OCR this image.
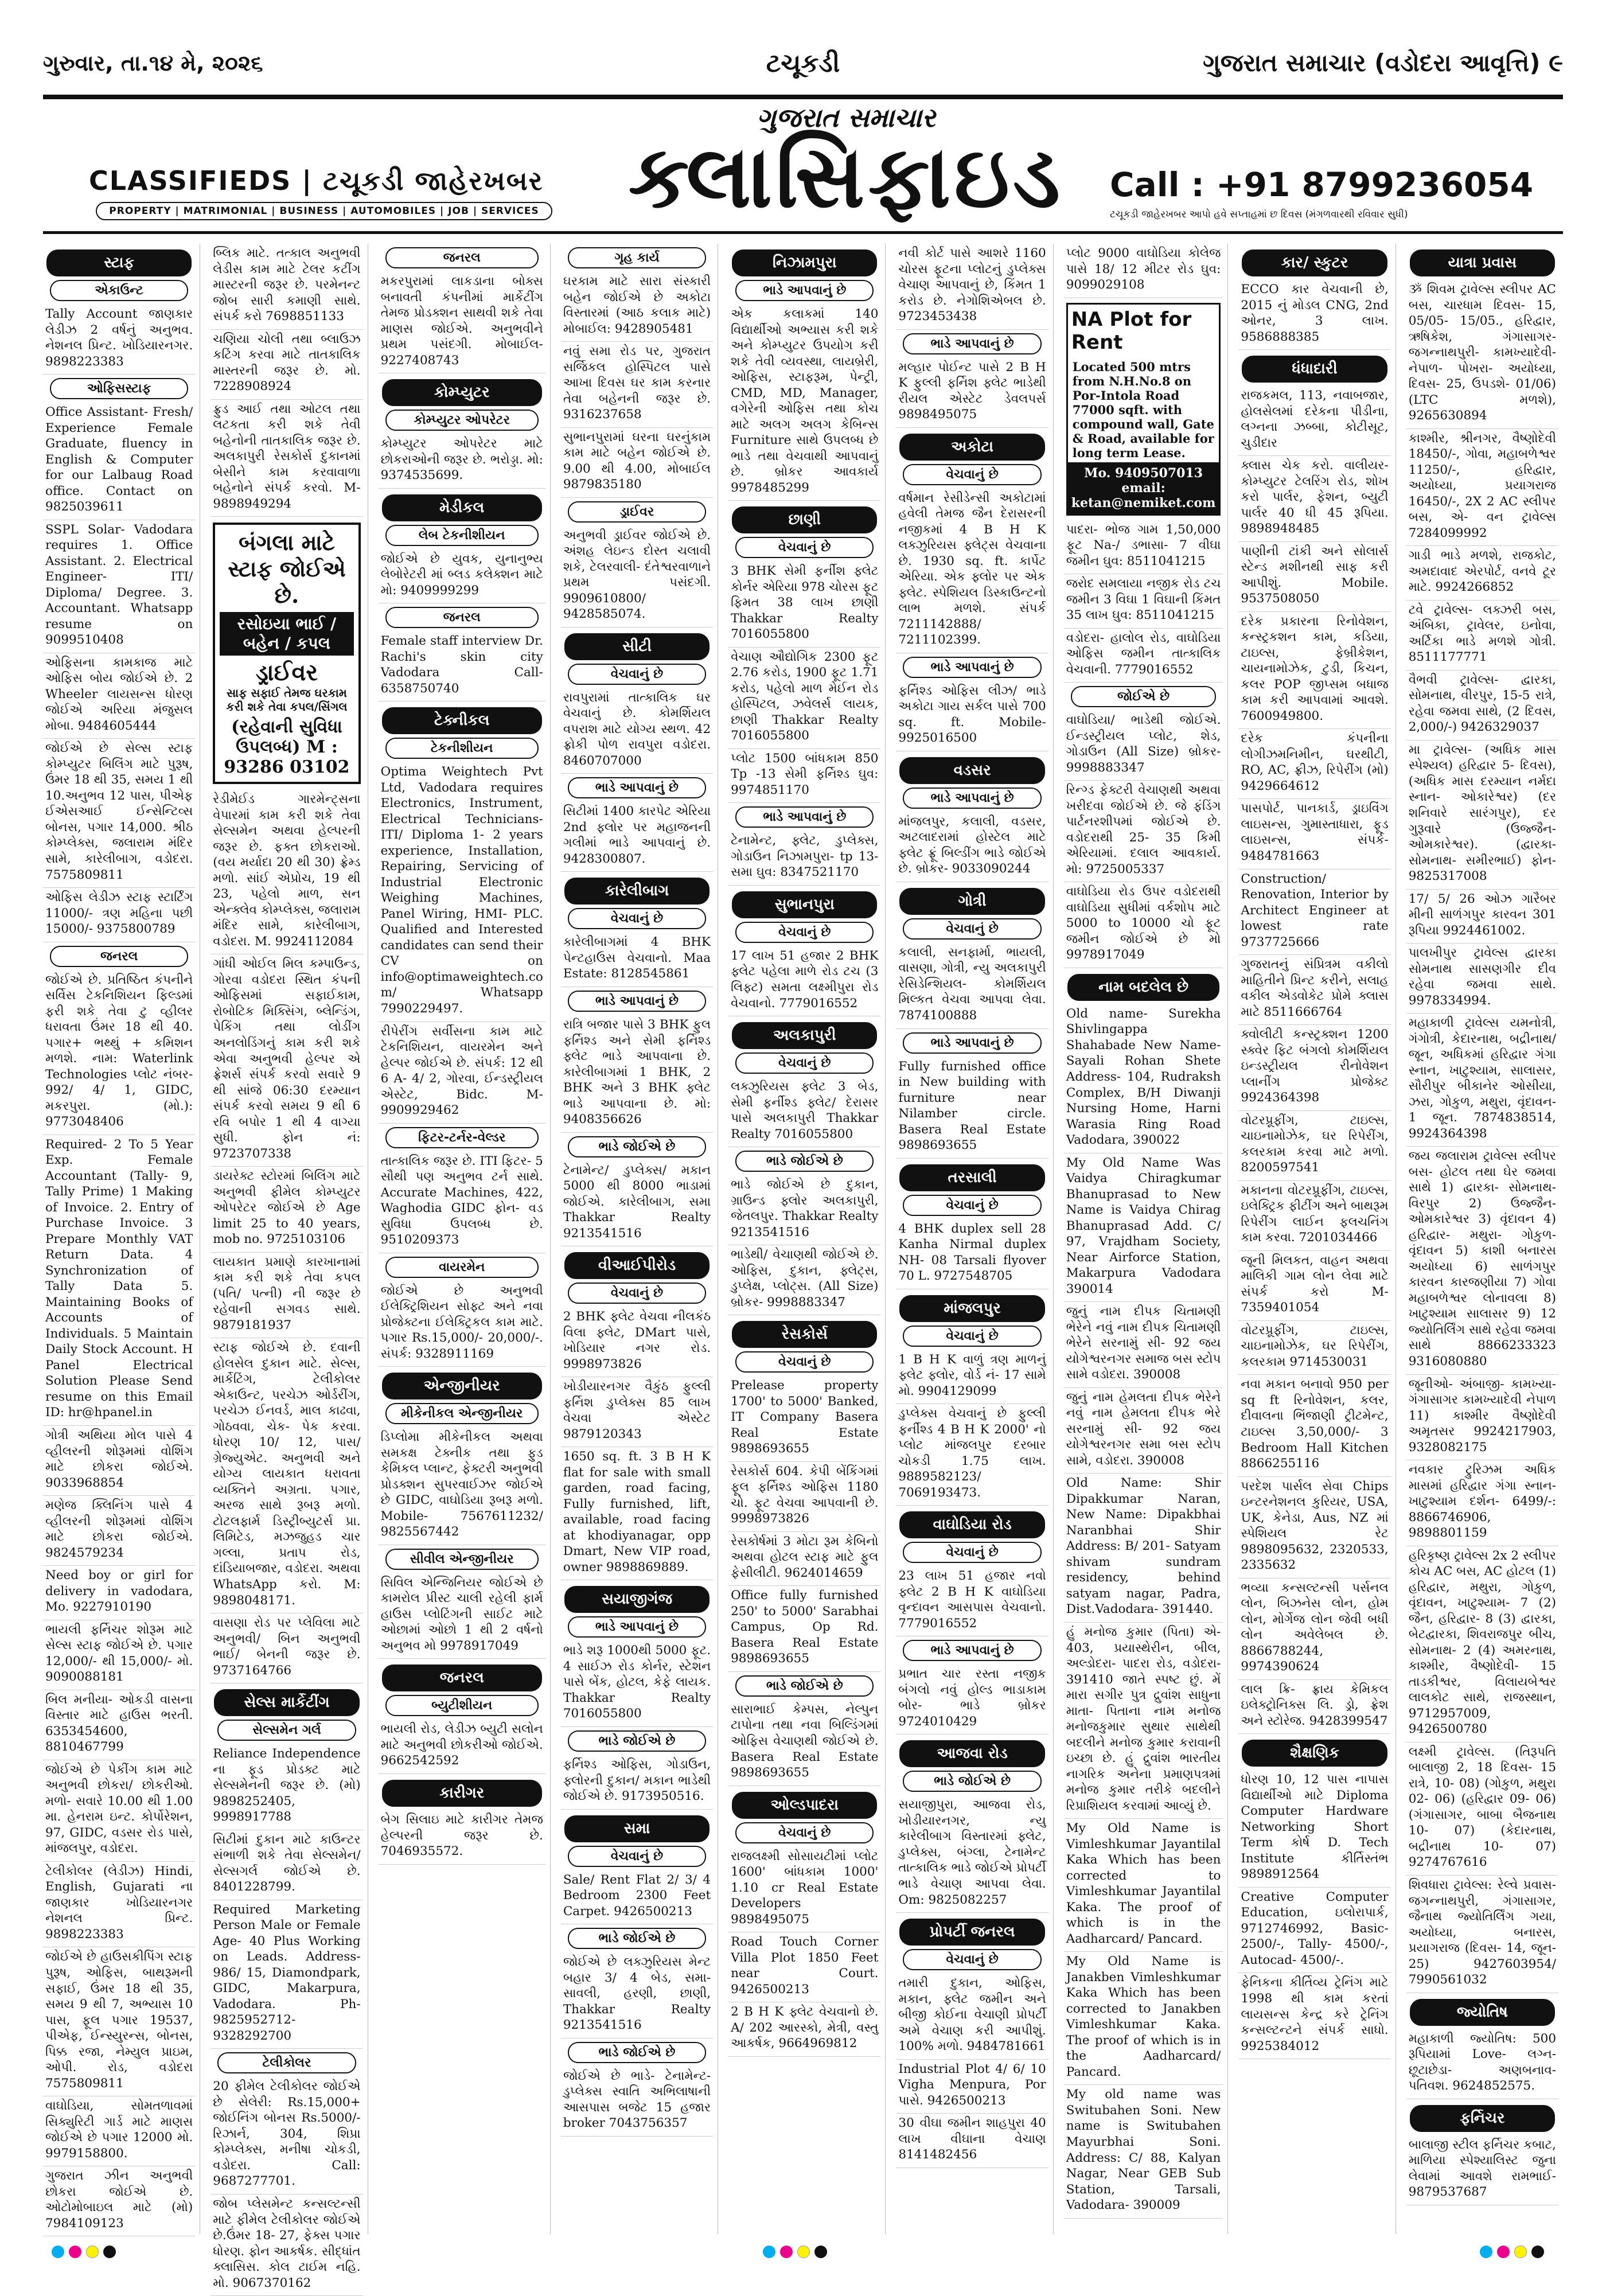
ગુરુવાર, તા.૧૪ મે, ૨૦૨૬	ટચૂકડી	ગુજરાત સમાચાર (વડોદરા આવૃત્તિ) ૯
CLASSIFIEDS | ટચૂકડી જાહેરખબર
PROPERTY | MATRIMONIAL | BUSINESS | AUTOMOBILES | JOB | SERVICES
ગુજરાત સમાચાર
ક્લાસિફાઇડ	Call : +91 8799236054
ટચૂકડી જાહેરખબર આપો હવે સપ્તાહમાં છ દિવસ (મંગળવારથી રવિવાર સુધી)
સ્ટાફ
એકાઉન્ટ
Tally Account જાણકાર લેડીઝ 2 વર્ષનું અનુભવ. નેશનલ પ્રિન્ટ. ખોડિયારનગર. 9898223383
ઓફિસસ્ટાફ
Office Assistant- Fresh/ Experience Female Graduate, fluency in English & Computer for our Lalbaug Road office. Contact on 9825039611
SSPL Solar- Vadodara requires 1. Office Assistant. 2. Electrical Engineer- ITI/ Diploma/ Degree. 3. Accountant. Whatsapp resume on 9099510408
ઓફિસના કામકાજ માટે ઓફિસ બોય જોઈએ છે. 2 Wheeler લાયસન્સ ધોરણ જોઈએ અરિયા મંજુસલ મોબા. 9484605444
જોઈએ છે સેલ્સ સ્ટાફ કોમ્પ્યુટર બિલિંગ માટે પુરૂષ, ઉંમર 18 થી 35, સમય 1 થી 10.અનુભવ 12 પાસ, પીએફ ઈએસઆઈ ઈન્સેન્ટિવ્સ બોનસ, પગાર 14,000. શ્રીઠ કોમ્પ્લેક્સ, જલારામ મંદિર સામે, કારેલીબાગ, વડોદરા. 7575809811
ઓફિસ લેડીઝ સ્ટાફ સ્ટાર્ટિંગ 11000/- ત્રણ મહિના પછી 15000/- 9375800789
જનરલ
જોઈએ છે. પ્રતિષ્ઠિત કંપનીને સર્વિસ ટેકનિશિયન ફિલ્ડમાં ફરી શકે તેવા ટુ વ્હીલર ધરાવતા ઉંમર 18 થી 40. પગાર+ ભથ્થું + કમિશન મળશે. નામ: Waterlink Technologies પ્લોટ નંબર- 992/ 4/ 1, GIDC, મકરપુરા. (મો.): 9773048406
Required- 2 To 5 Year Exp. Female Accountant (Tally- 9, Tally Prime) 1 Making of Invoice. 2. Entry of Purchase Invoice. 3 Prepare Monthly VAT Return Data. 4 Synchronization of Tally Data 5. Maintaining Books of Accounts of Individuals. 5 Maintain Daily Stock Account. H Panel Electrical Solution Please Send resume on this Email ID: hr@hpanel.in
ગોત્રી અથિયા મોલ પાસે 4 વ્હીલરની શોરૂમમાં વોશિંગ માટે છોકરા જોઈએ. 9033968854
મણેજ ક્લિનિંગ પાસે 4 વ્હીલરની શોરૂમમાં વોશિંગ માટે છોકરા જોઈએ. 9824579234
Need boy or girl for delivery in vadodara, Mo. 9227910190
ભાયલી ફર્નિચર શોરૂમ માટે સેલ્સ સ્ટાફ જોઈએ છે. પગાર 12,000/- થી 15,000/- મો. 9090088181
બિલ મનીયા- ઓકડી વાસના વિસ્તાર માટે હાઉસ ભરતી. 6353454600, 8810467799
જોઈએ છે પેકીંગ કામ માટે અનુભવી છોકરા/ છોકરીઓ. મળો- સવારે 10.00 થી 1.00 મા. હેનરામ ઇન્ટ. કોર્પોરેશન, 97, GIDC, વડસર રોડ પાસે, માંજલપુર, વડોદરા.
ટેલીકોલર (લેડીઝ) Hindi, English, Gujarati ના જાણકાર ખોડિયારનગર નેશનલ પ્રિન્ટ. 9898223383
જોઈએ છે હાઉસકીપિંગ સ્ટાફ પુરૂષ, ઓફિસ, બાથરૂમની સફાઈ, ઉંમર 18 થી 35, સમય 9 થી 7, અભ્યાસ 10 પાસ, ફૂલ પગાર 19537, પીએફ, ઈન્સ્યુરન્સ, બોનસ, પિક્ક રજા, નેમ્યુલ પ્રાઇમ, ઓપી. રોડ, વડોદરા 7575809811
વાઘોડિયા, સોમતળાવમાં સિક્યુરિટી ગાર્ડ માટે માણસ જોઈએ છે પગાર 12000 મો. 9979158800.
ગુજરાત ઝીન અનુભવી છોકરા જોઈએ છે. ઓટોમોબાઇલ માટે (મો) 7984109123
બ્લિક માટે. તત્કાલ અનુભવી લેડીસ કામ માટે ટેલર કટીંગ માસ્ટરની જરૂર છે. પરમેનન્ટ જોબ સારી કમાણી સાથે. સંપર્ક કરો 7698851133
ચણિયા ચોલી તથા બ્લાઉઝ કટિંગ કરવા માટે તાતકાલિક માસ્તરની જરૂર છે. મો. 7228908924
ફ્રુડ આઈ તથા ઓટલ તથા લટકતા કરી શકે તેવી બહેનોની તાતકાલિક જરૂર છે. અલકાપુરી રેસકોર્સ દુકાનમાં બેસીને કામ કરવાવાળા બહેનોને સંપર્ક કરવો. M- 9898949294
બંગલા માટે સ્ટાફ જોઈએ છે.
રસોઇયા ભાઈ / બહેન / કપલ
ડ્રાઈવર
સાફ સફાઈ તેમજ ઘરકામ કરી શકે તેવા કપલ/સિંગલ
(રહેવાની સુવિધા ઉપલબ્ધ) M : 93286 03102
રેડીમેઈડ ગારમેન્ટ્સના વેપારમાં કામ કરી શકે તેવા સેલ્સમેન અથવા હેલ્પરની જરૂર છે. ફક્ત છોકરાઓ. (વય મર્યાદા 20 થી 30) ફ્રેમ્ડ મળો. સાંઈ એપ્રોચ, 19 થી 23, પહેલો માળ, સન એન્ક્લેવ કોમ્પ્લેક્સ, જલારામ મંદિર સામે, કારેલીબાગ, વડોદરા. M. 9924112084
ગાંધી ઓઈલ મિલ કમ્પાઉન્ડ, ગોરવા વડોદરા સ્થિત કંપની ઓફિસમાં સફાઈકામ, રોબોટિક મિક્સિંગ, બ્લેન્ડિંગ, પેકિંગ તથા લોડીંગ અનલોડિંગનું કામ કરી શકે એવા અનુભવી હેલ્પર એ ફ્રેશર્સ સંપર્ક કરવો સવારે 9 થી સાંજે 06:30 દરમ્યાન સંપર્ક કરવો સમય 9 થી 6 રવિ બપોર 1 થી 4 વાગ્યા સુધી. ફોન નં: 9723707338
ડાયરેક્ટ સ્ટોરમાં બિલિંગ માટે અનુભવી ફીમેલ કોમ્પ્યુટર ઓપરેટર જોઈએ છે Age limit 25 to 40 years, mob no. 9725103106
લાયકાત પ્રમાણે કારખાનામાં કામ કરી શકે તેવા કપલ (પતિ/ પત્ની) ની જરૂર છે રહેવાની સગવડ સાથે. 9879181937
સ્ટાફ જોઈએ છે. દવાની હોલસેલ દુકાન માટે. સેલ્સ, માર્કેટિંગ, ટેલીકોલર એકાઉન્ટ, પરચેઝ ઓર્ડરીંગ, પરચેઝ ઈનવર્ડ, માલ કાઢવા, ગોઠવવા, ચેક- પેક કરવા. ધોરણ 10/ 12, પાસ/ ગ્રેજ્યુએટ. અનુભવી અને યોગ્ય લાયકાત ધરાવતા વ્યક્તિને અગ્રતા. પગાર, અરજ સાથે રૂબરૂ મળો. ટોટલફાર્મ ડિસ્ટ્રીબ્યુટર્સ પ્રા. લિમિટેડ, મઝજુહડ ચાર ગલ્લા, પ્રતાપ રોડ, દાંડિયાબજાર, વડોદરા. અથવા WhatsApp કરો. M: 9898048171.
વાસણા રોડ પર પ્લેવિલા માટે અનુભવી/ બિન અનુભવી ભાઈ/ બેનની જરૂર છે. 9737164766
સેલ્સ માર્કેટીંગ
સેલ્સમેન ગર્લ
Reliance Independence ના ફૂડ પ્રોડક્ટ માટે સેલ્સમેનની જરૂર છે. (મો) 9898252405, 9998917788
સિટીમાં દુકાન માટે કાઉન્ટર સંભાળી શકે તેવા સેલ્સમેન/ સેલ્સગર્લ જોઈએ છે. 8401228799.
Required Marketing Person Male or Female Age- 40 Plus Working on Leads. Address- 986/ 15, Diamondpark, GIDC, Makarpura, Vadodara. Ph- 9825952712- 9328292700
ટેલીકોલર
20 ફીમેલ ટેલીકોલર જોઈએ છે સેલેરી: Rs.15,000+ જોઈનિંગ બોનસ Rs.5000/- રિઝાર્ન, 304, શિપ્રા કોમ્પ્લેક્સ, મનીષા ચોકડી, વડોદરા. Call: 9687277701.
જોબ પ્લેસમેન્ટ કન્સલ્ટન્સી માટે ફીમેલ ટેલીકોલર જોઈએ છે.ઉંમર 18- 27, ફેક્સ પગાર ધોરણ. ફોન આકર્ષક. સીદ્ધાંત ક્લાસિસ. કોલ ટાઈમ નહિ. મો. 9067370162
જનરલ
મકરપુરામાં લાકડાના બોક્સ બનાવતી કંપનીમાં માર્કેટીંગ તેમજ પ્રોડક્શન સાથવી શકે તેવા માણસ જોઈએ. અનુભવીને પ્રથમ પસંદગી. મોબાઈલ- 9227408743
કોમ્પ્યુટર
કોમ્પ્યુટર ઓપરેટર
કોમ્પ્યુટર ઓપરેટર માટે છોકરાઓની જરૂર છે. ભરોડ્ડા. મો: 9374535699.
મેડીકલ
લેબ ટેકનીશીયન
જોઈએ છે યુવક, યુનાનુભ્ય લેબોરેટરી માં બ્લડ કલેક્શન માટે મો: 9409999299
જનરલ
Female staff interview Dr. Rachi's skin city Vadodara Call- 6358750740
ટેક્નીકલ
ટેકનીશીયન
Optima Weightech Pvt Ltd, Vadodara requires Electronics, Instrument, Electrical Technicians- ITI/ Diploma 1- 2 years experience, Installation, Repairing, Servicing of Industrial Electronic Weighing Machines, Panel Wiring, HMI- PLC. Qualified and Interested candidates can send their CV on info@optimaweightech.co m/ Whatsapp 7990229497.
રીપેરીંગ સર્વીસના કામ માટે ટેકનિશિયન, વાયરમેન અને હેલ્પર જોઈએ છે. સંપર્ક: 12 થી 6 A- 4/ 2, ગોરવા, ઈન્ડસ્ટ્રીયલ એસ્ટેટ, Bidc. M- 9909929462
ફિટર-ટર્નર-વેલ્ડર
તાત્કાલિક જરૂર છે. ITI ફિટર- 5 સૌથી પણ અનુભવ ટર્ન સાથે. Accurate Machines, 422, Waghodia GIDC ફોન- વડ સુવિધા ઉપલબ્ધ છે. 9510209373
વાયરમેન
જોઈએ છે અનુભવી ઈલેક્ટ્રિશિયન સોફ્ટ અને નવા પ્રોજેક્ટના ઈલેક્ટ્રિકલ કામ માટે. પગાર Rs.15,000/- 20,000/-. સંપર્ક: 9328911169
એન્જીનીયર
મીકેનીકલ એન્જીનીયર
ડિપ્લોમા મીકેનીકલ અથવા સમકક્ષ ટેક્નીક તથા ફુડ કેમિકલ પ્લાન્ટ, ફેક્ટરી અનુભવી પ્રોડક્શન સુપરવાઈઝર જોઈએ છે GIDC, વાઘોડિયા રૂબરૂ મળો. Mobile- 7567611232/ 9825567442
સીવીલ એન્જીનીયર
સિવિલ એન્જિનિયર જોઈએ છે કામરોલ પ્રીસ્ટ ચાલી રહેલી ફાર્મ હાઉસ પ્લોટિંગની સાઈટ માટે ઓછામાં ઓછો 1 થી 2 વર્ષનો અનુભવ મો 9978917049
જનરલ
બ્યુટીશીયન
ભાયલી રોડ, લેડીઝ બ્યુટી સલોન માટે અનુભવી છોકરીઓ જોઈએ. 9662542592
કારીગર
બેગ સિલાઇ માટે કારીગર તેમજ હેલ્પરની જરૂર છે. 7046935572.
ગૃહ કાર્ય
ઘરકામ માટે સારા સંસ્કારી બહેન જોઈએ છે અકોટા વિસ્તારમાં (આઠ કલાક માટે) મોબાઈલ: 9428905481
નવું સમા રોડ પર, ગુજરાત સર્જિકલ હોસ્પિટલ પાસે આખા દિવસ ઘર કામ કરનાર તેવા બહેનની જરૂર છે. 9316237658
સુભાનપુરામાં ઘરના ઘરનુંકામ કામ માટે બહેન જોઈએ છે. 9.00 થી 4.00, મોબાઈલ 9879835180
ડ્રાઈવર
અનુભવી ડ્રાઈવર જોઈએ છે. અંશહ લેઇન્ડ દોસ્ત ચલાવી શકે, ટેલરવાલી- દંતેશ્વરવાળાને પ્રથમ પસંદગી. 9909610800/ 9428585074.
સીટી
વેચવાનું છે
રાવપુરામાં તાત્કાલિક ઘર વેચવાનું છે. કોમર્શિયલ વપરાશ માટે યોગ્ય સ્થળ. 42 ફ્રોકી પોળ રાવપુરા વડોદરા. 8460707000
ભાડે આપવાનું છે
સિટીમાં 1400 કારપેટ એરિયા 2nd ફ્લોર પર મહાજનની ગલીમાં ભાડે આપવાનું છે. 9428300807.
કારેલીબાગ
વેચવાનું છે
કારેલીબાગમાં 4 BHK પેન્ટહાઉસ વેચવાનો. Maa Estate: 8128545861
ભાડે આપવાનું છે
રાત્રિ બજાર પાસે 3 BHK ફુલ ફર્નિશ્ડ અને સેમી ફર્નિશ્ડ ફ્લેટ ભાડે આપવાના છે. કારેલીબાગમાં 1 BHK, 2 BHK અને 3 BHK ફ્લેટ ભાડે આપવાના છે. મો: 9408356626
ભાડે જોઈએ છે
ટેનામેન્ટ/ ડુપ્લેક્સ/ મકાન 5000 થી 8000 ભાડામાં જોઈએ. કારેલીબાગ, સમા Thakkar Realty 9213541516
વીઆઈપીરોડ
વેચવાનું છે
2 BHK ફ્લેટ વેચવા નીલકંઠ વિલા ફ્લેટ, DMart પાસે, ખોડિયાર નગર રોડ. 9998973826
ખોડીયારનગર વૈકુંઠ ફુલ્લી ફર્નિશ ડુપ્લેક્સ 85 લાખ વેચવા એસ્ટેટ 9879120343
1650 sq. ft. 3 B H K flat for sale with small garden, road facing, Fully furnished, lift, available, road facing at khodiyanagar, opp Dmart, New VIP road, owner 9898869889.
સયાજીગંજ
ભાડે આપવાનું છે
ભાડે શરૂ 1000થી 5000 ફૂટ. 4 સાઈઝ રોડ કોર્નર, સ્ટેશન પાસે બેંક, હોટલ, કેફે લાયક. Thakkar Realty 7016055800
ભાડે જોઈએ છે
ફર્નિશ્ડ ઓફિસ, ગોડાઉન, ફ્લોરની દુકાન/ મકાન ભાડેથી જોઈએ છે. 9173950516.
સમા
વેચવાનું છે
Sale/ Rent Flat 2/ 3/ 4 Bedroom 2300 Feet Carpet. 9426500213
ભાડે જોઈએ છે
જોઈએ છે લક્ઝુરિયસ મેન્ટ બહાર 3/ 4 બેડ, સમા- સાવલી, હરણી, છાણી, Thakkar Realty 9213541516
ભાડે જોઈએ છે
જોઈએ છે ભાડે- ટેનામેન્ટ- ડુપ્લેક્સ સ્વાતિ અભિલાષાની આસપાસ બજેટ 15 હજાર broker 7043756357
નિઝામપુરા
ભાડે આપવાનું છે
એક કલાકમાં 140 વિદ્યાર્થીઓ અભ્યાસ કરી શકે અને કોમ્પ્યુટર ઉપયોગ કરી શકે તેવી વ્યવસ્થા, લાયબ્રેરી, ઓફિસ, સ્ટાફરૂમ, પેન્ટ્રી, CMD, MD, Manager, વગેરેની ઓફિસ તથા કોચ માટે અલગ અલગ કેબિન્સ Furniture સાથે ઉપલબ્ધ છે ભાડે તથા વેચવાથી આપવાનું છે. બ્રોકર આવકાર્ય 9978485299
છાણી
વેચવાનું છે
3 BHK સેમી ફર્નીશ ફ્લેટ કોર્નર એરિયા 978 ચોરસ ફૂટ ફિમત 38 લાખ છાણી Thakkar Realty 7016055800
વેચાણ ઔદ્યોગિક 2300 ફૂટ 2.76 કરોડ, 1900 ફૂટ 1.71 કરોડ, પહેલો માળ મેઈન રોડ હોસ્પિટલ, ઝવેલર્સ લાયક, છાણી Thakkar Realty 7016055800
પ્લોટ 1500 બાંધકામ 850 Tp -13 સેમી ફર્નિશ્ડ ઘુવ: 9974851170
ભાડે આપવાનું છે
ટેનામેન્ટ, ફ્લેટ, ડુપ્લેક્સ, ગોડાઉન નિઝામપુરા- tp 13- સમા ઘુવ: 8347521170
સુભાનપુરા
વેચવાનું છે
17 લાખ 51 હજાર 2 BHK ફ્લેટ પહેલા માળે રોડ ટચ (3 લિફ્ટ) સમતા લક્ષ્મીપુરા રોડ વેચવાનો. 7779016552
અલકાપુરી
વેચવાનું છે
લક્ઝુરિયસ ફ્લેટ 3 બેડ, સેમી ફર્નીશ્ડ ફ્લેટ/ દેરાસર પાસે અલકાપુરી Thakkar Realty 7016055800
ભાડે જોઈએ છે
ભાડે જોઈએ છે દુકાન, ગ્રાઉન્ડ ફ્લોર અલકાપુરી, જેતલપુર. Thakkar Realty 9213541516
ભાડેથી/ વેચાણથી જોઈએ છે. ઓફિસ, દુકાન, ફ્લેટ્સ, ડુપ્લેક્ષ, પ્લોટ્સ. (All Size) બ્રોકર- 9998883347
રેસકોર્સ
વેચવાનું છે
Prelease property 1700' to 5000' Banked, IT Company Basera Real Estate 9898693655
રેસકોર્સ 604. કેપી બેંકિંગમાં ફૂલ ફર્નિશ્ડ ઓફિસ 1180 ચો. ફૂટ વેચવા આપવાની છે. 9998973826
રેસકોર્ષમાં 3 મોટા રૂમ કેબિનો અથવા હોટલ સ્ટાફ માટે ફુલ ફેસીલીટી. 9624014659
Office fully furnished 250' to 5000' Sarabhai Campus, Op Rd. Basera Real Estate 9898693655
ભાડે જોઈએ છે
સારાભાઈ કેમ્પસ, નેલ્પુન ટાપોના તથા નવા બિલ્ડિંગમાં ઓફિસ વેચાણથી જોઈએ છે. Basera Real Estate 9898693655
ઓલ્ડપાદરા
વેચવાનું છે
રાજલક્ષ્મી સોસાયટીમાં પ્લોટ 1600' બાંધકામ 1000' 1.10 cr Real Estate Developers 9898495075
Road Touch Corner Villa Plot 1850 Feet near Court. 9426500213
2 B H K ફ્લેટ વેચવાનો છે. A/ 202 આરસ્કો, મેત્રી, વસ્તુ આકર્ષક, 9664969812
નવી કોર્ટ પાસે આશરે 1160 ચોરસ ફૂટના પ્લોટનું ડુપ્લેક્સ વેચાણ આપવાનું છે, કિંમત 1 કરોડ છે. નેગોશિએબલ છે. 9723453438
ભાડે આપવાનું છે
મલ્હાર પોઈન્ટ પાસે 2 B H K ફુલ્લી ફર્નિશ ફ્લેટ ભાડેથી રીયલ એસ્ટેટ ડેવલપર્સ 9898495075
અકોટા
વેચવાનું છે
વર્ષમાન રેસીડેન્સી અકોટામાં હવેલી તેમજ જૈન દેરાસરની નજીકમાં 4 B H K લક્ઝુરિયસ ફ્લેટ્સ વેચવાના છે. 1930 sq. ft. કાર્પેટ એરિયા. એક ફ્લોર પર એક ફ્લેટ. સ્પેશિયલ ડિસ્કાઉન્ટનો લાભ મળશે. સંપર્ક 7211142888/ 7211102399.
ભાડે આપવાનું છે
ફર્નિશ્ડ ઓફિસ લીઝ/ ભાડે અકોટા ગાય સર્કલ પાસે 700 sq. ft. Mobile- 9925016500
વડસર
ભાડે આપવાનું છે
માંજલપુર, કલાલી, વડસર, અટલાદરામાં હોસ્ટેલ માટે ફ્લેટ ફ્રૂં બિલ્ડીંગ ભાડે જોઈએ છે. બ્રોકર- 9033090244
ગોત્રી
વેચવાનું છે
કલાલી, સનફાર્મા, ભાયલી, વાસણા, ગોત્રી, ન્યુ અલકાપુરી રેસિડેન્શિયલ- કોમર્શિયલ મિલ્કત વેચવા આપવા લેવા. 7874100888
ભાડે આપવાનું છે
Fully furnished office in New building with furniture near Nilamber circle. Basera Real Estate 9898693655
તરસાલી
વેચવાનું છે
4 BHK duplex sell 28 Kanha Nirmal duplex NH- 08 Tarsali flyover 70 L. 9727548705
માંજલપુર
વેચવાનું છે
1 B H K વાળું ત્રણ માળનું ફ્લેટ ફ્લોર, વોર્ડ નં- 17 સામે મો. 9904129099
ડુપ્લેક્સ વેચવાનું છે ફુલ્લી ફર્નીશ્ડ 4 B H K 2000' નો પ્લોટ માંજલપુર દરબાર ચોકડી 1.75 લાખ. 9889582123/ 7069193473.
વાઘોડિયા રોડ
વેચવાનું છે
23 લાખ 51 હજાર નવો ફ્લેટ 2 B H K વાઘોડિયા વૃન્દાવન આસપાસ વેચવાનો. 7779016552
ભાડે આપવાનું છે
પ્રભાત ચાર રસ્તા નજીક બંગલો નવું હોલ્ડ ભાડાકામ બોર- ભાડે બ્રોકર 9724010429
આજવા રોડ
ભાડે જોઈએ છે
સયાજીપુરા, આજવા રોડ, ખોડીયારનગર, ન્યુ કારેલીબાગ વિસ્તારમાં ફ્લેટ, ડુપ્લેક્સ, બંગ્લા, ટેનામેન્ટ તાત્કાલિક ભાડે જોઈએ પ્રોપર્ટી ભાડે વેચાણ આપવા લેવા. Om: 9825082257
પ્રોપર્ટી જનરલ
વેચવાનું છે
તમારી દુકાન, ઓફિસ, મકાન, ફ્લેટ જમીન અને બીજી કોઈના વેચાણી પ્રોપર્ટી અમે વેચાણ કરી આપીશું. 100% મળો. 9484781661
Industrial Plot 4/ 6/ 10 Vigha Menpura, Por પાસે. 9426500213
30 વીઘા જમીન શાહપુરા 40 લાખ વીઘાના વેચાણ 8141482456
પ્લોટ 9000 વાઘોડિયા કોલેજ પાસે 18/ 12 મીટર રોડ ઘુવ: 9099029108
NA Plot for Rent
Located 500 mtrs from N.H.No.8 on Por-Intola Road 77000 sqft. with compound wall, Gate & Road, available for long term Lease.
Mo. 9409507013 email: ketan@nemiket.com
પાદરા- ભોજ ગામ 1,50,000 ફૂટ Na-/ ડભાસા- 7 વીઘા જમીન ઘુવ: 8511041215
જરોદ સમલાયા નજીક રોડ ટચ જમીન 3 વિઘા 1 વિઘાની કિંમત 35 લાખ ઘુવ: 8511041215
વડોદરા- હાલોલ રોડ, વાઘોડિયા ઓફિસ જમીન તાત્કાલિક વેચવાની. 7779016552
જોઈએ છે
વાઘોડિયા/ ભાડેથી જોઈએ. ઈન્ડસ્ટ્રીયલ પ્લોટ, શેડ, ગોડાઉન (All Size) બ્રોકર- 9998883347
રિન્ગ્ડ ફેક્ટરી વેચાણથી અથવા ખરીદવા જોઈએ છે. જે ફંડિંગ પાર્ટનરશીપમાં જોઈએ છે. વડોદરાથી 25- 35 કિમી એરિયામાં. દલાલ આવકાર્ય. મો: 9725005337
વાઘોડિયા રોડ ઉપર વડોદરાથી વાઘોડિયા સુધીમાં વર્કશોપ માટે 5000 to 10000 ચો ફૂટ જમીન જોઈએ છે મો 9978917049
નામ બદલેલ છે
Old name- Surekha Shivlingappa Shahabade New Name- Sayali Rohan Shete Address- 104, Rudraksh Complex, B/H Diwanji Nursing Home, Harni Warasia Ring Road Vadodara, 390022
My Old Name Was Vaidya Chiragkumar Bhanuprasad to New Name is Vaidya Chirag Bhanuprasad Add. C/ 97, Vrajdham Society, Near Airforce Station, Makarpura Vadodara 390014
જુનું નામ દીપક ચિતામણી ભેરેને નવું નામ દીપક ચિતામણી ભેરેને સરનામું સી- 92 જય યોગેશ્વરનગર સમાજ બસ સ્ટોપ સામે વડોદરા. 390008
જુનું નામ હેમલતા દીપક ભેરેને નવું નામ હેમલતા દીપક ભેરે સરનામું સી- 92 જય યોગેશ્વરનગર સમા બસ સ્ટોપ સામે, વડોદરા. 390008
Old Name: Shir Dipakkumar Naran, New Name: Dipakbhai Naranbhai Shir Address: B/ 201- Satyam shivam sundram residency, behind satyam nagar, Padra, Dist.Vadodara- 391440.
હું મનોજ કુમાર (પિતા) એ- 403, પ્રયાસ્થેરીન, બીલ, અલ્ડોદરા- પાદરા રોડ, વડોદરા- 391410 જાતે સ્પષ્ટ છું. મેં મારા સગીર પુત્ર દ્રુવાંશ સાધુના માતા- પિતાના નામ મનોજ મનોજકુમાર સુથાર સાથેથી બદલીને મનોજ કુમાર કરાવાની ઇચ્છા છે. હું દ્રુવાંશ ભારતીય નાગરિક અનેના પ્રમાણપત્રમાં મનોજ કુમાર તરીકે બદલીને રિપ્રાશિયલ કરવામાં આવ્યું છે.
My Old Name is Vimleshkumar Jayantilal Kaka Which has been corrected to Vimleshkumar Jayantilal Kaka. The proof of which is in the Aadharcard/ Pancard.
My Old Name is Janakben Vimleshkumar Kaka Which has been corrected to Janakben Vimleshkumar Kaka. The proof of which is in the Aadharcard/ Pancard.
My old name was Switubahen Soni. New name is Switubahen Mayurbhai Soni. Address: C/ 88, Kalyan Nagar, Near GEB Sub Station, Tarsali, Vadodara- 390009
કાર/ સ્કુટર
ECCO કાર વેચવાની છે, 2015 નું મોડલ CNG, 2nd ઓનર, 3 લાખ. 9586888385
ધંધાદારી
રાજકમલ, 113, નવાબજાર, હોલસેલમાં દરેકના પીડીના, લગ્નના ઝબ્બા, કોટીસૂટ, ચુડીદાર
ક્લાસ ચેક કરો. વાલીયર- કોમ્પ્યુટર ટેલરિંગ રોડ, શોખ કરો પાર્લર, ફેશન, બ્યુટી પાર્લર 40 ધી 45 રૂપિયા. 9898948485
પાણીની ટાંકી અને સોલાર્સ સ્ટેન્ડ મશીનથી સાફ કરી આપીશું. Mobile. 9537508050
દરેક પ્રકારના રિનોવેશન, કન્સ્ટ્રકશન કામ, કડિયા, ટાઇલ્સ, ફેબ્રીકેશન, ચાયનામોઝેક, ટુડી, કિચન, કલર POP જીપ્સમ બધાજ કામ કરી આપવામાં આવશે. 7600949800.
દરેક કંપનીના લોગીઝમનિમીન, ઘરથીટી, RO, AC, ફ્રીઝ, રિપેરીંગ (મો) 9429664612
પાસપોર્ટ, પાનકાર્ડ, ડ્રાઇવિંગ લાઇસન્સ, ગુમાસ્તાધારા, ફૂડ લાઇસન્સ, સંપર્ક- 9484781663
Construction/ Renovation, Interior by Architect Engineer at lowest rate 9737725666
ગુજરાતનું સંપ્રિત્રમ વકીલો માહિતીને પ્રિન્ટ કરીને, સલાહ વકીલ એડવોકેટ પ્રોમે ક્લાસ માટે 8511666764
ક્વોલીટી કન્સ્ટ્રક્શન 1200 સ્ક્વેર ફિટ બંગલો કોમર્શિયલ ઇન્ડસ્ટ્રીયલ રીનોવેશન પ્લાનીંગ પ્રોજેક્ટ 9924364398
વોટરપ્રૂફીંગ, ટાઇલ્સ, ચાઇનામોઝેક, ઘર રિપેરીંગ, કલરકામ કરવા માટે મળો. 8200597541
મકાનના વોટરપ્રૂફીંગ, ટાઇલ્સ, ઇલેક્ટ્રિક ફીટીંગ અને બાથરૂમ રિપેરીંગ લાઈન ફલચનિંગ કામ કરવા. 7201034466
જૂની મિલકત, વાહન અથવા માલિકી ગામ લોન લેવા માટે સંપર્ક કરો M- 7359401054
વોટરપ્રૂફીંગ, ટાઇલ્સ, ચાઇનામોઝેક, ઘર રિપેરીંગ, કલરકામ 9714530031
નવા મકાન બનાવો 950 per sq ft રિનોવેશન, કલર, દીવાલના ભિંજાણી ટ્રીટમેન્ટ, ટાઇલ્સ 3,50,000/- 3 Bedroom Hall Kitchen 8866255116
પરદેશ પાર્સલ સેવા Chips ઇન્ટરનેશનલ કુરિયર, USA, UK, કેનેડા, Aus, NZ માં સ્પેશિયલ રેટ 9898095632, 2320533, 2335632
ભવ્યા કન્સલ્ટન્સી પર્સનલ લોન, બિઝનેસ લોન, હોમ લોન, મોર્ગેજ લોન જેવી બધી લોન અવેલેબલ છે. 8866788244, 9974390624
લાલ ક્રિ- ફ્રાય કેમિકલ ઇલેક્ટ્રોનિક્સ લિ. ડ્રો, ફ્રેશ અને સ્ટોરેજ. 9428399547
શૈક્ષણિક
ધોરણ 10, 12 પાસ નાપાસ વિદ્યાર્થીઓ માટે Diploma Computer Hardware Networking Short Term કોર્ષ D. Tech Institute કીર્તિસ્તંભ 9898912564
Creative Computer Education, ઇલોરાપાર્ક, 9712746992, Basic- 2500/-, Tally- 4500/-, Autocad- 4500/-.
ફેનિકના કીર્તિવ્ય ટ્રેનિંગ માટે 1998 થી કામ કરતાં લાયસન્સ કેન્દ્ર કરે ટ્રેનિંગ કન્સલ્ટન્ટને સંપર્ક સાધો. 9925384012
યાત્રા પ્રવાસ
ૐ શિવમ ટ્રાવેલ્સ સ્લીપર AC બસ, ચારધામ દિવસ- 15, 05/05- 15/05., હરિદ્વાર, ઋષિકેશ, ગંગાસાગર- જગન્નાથપુરી- કામખ્યાદેવી- નેપાળ- પોખરા- અયોધ્યા, દિવસ- 25, ઉપડશે- 01/06) (LTC મળશે), 9265630894
કાશ્મીર, શ્રીનગર, વૈષ્ણોદેવી 18450/-, ગોવા, મહાબળેશ્વર 11250/-, હરિદ્વાર, અયોધ્યા, પ્રયાગરાજ 16450/-, 2X 2 AC સ્લીપર બસ, એ- વન ટ્રાવેલ્સ 7284099992
ગાડી ભાડે મળશે, રાજકોટ, અમદાવાદ એરપોર્ટ, વનવે ટૂર માટે. 9924266852
ટવે ટ્રાવેલ્સ- લક્ઝરી બસ, અંબિકા, ટ્રાવેલર, ઇનોવા, અર્ટિકા ભાડે મળશે ગોત્રી. 8511177771
વૈભવી ટ્રાવેલ્સ- દ્વારકા, સોમનાથ, વીરપુર, 15-5 રાત્રે, રહેવા જમવા સાથે, (2 દિવસ, 2,000/-) 9426329037
મા ટ્રાવેલ્સ- (અધિક માસ સ્પેશ્યલ) હરિદ્વાર 5- દિવસ), (અધિક માસ દરમ્યાન નર્મદા સ્નાન- ઓકારેશ્વર) (દર શનિવારે સારંગપુર), દર ગુરૂવારે (ઉજ્જૈન- ઓમકારેશ્વર). (દ્વારકા- સોમનાથ- સમીરભાઈ) ફોન- 9825317008
17/ 5/ 26 ઓઝ ગારૈબર મીની સાળંગપુર કારવન 301 રૂપિયા 9924461002.
પાલખીપુર ટ્રાવેલ્સ દ્વારકા સોમનાથ સાસણગીર દીવ રહેવા જમવા સાથે. 9978334994.
મહાકાળી ટ્રાવેલ્સ યમનોત્રી, ગંગોત્રી, કેદારનાથ, બદ્રીનાથ/ જૂન, અધિકમાં હરિદ્વાર ગંગા સ્નાન, ખાટુશ્યામ, સાલાસર, સૌરીપુર બીકાનેર ઓસીયા, ઝરા, ગોકુળ, મથુરા, વૃંદાવન- 1 જૂન. 7874838514, 9924364398
જય જલારામ ટ્રાવેલ્સ સ્લીપર બસ- હોટલ તથા ઘેર જમવા સાથે 1) દ્વારકા- સોમનાથ- વિરપુર 2) ઉજ્જૈન- ઓમકારેશ્વર 3) વૃંદાવન 4) હરિદ્વાર- મથુરા- ગોકુળ- વૃંદાવન 5) કાશી બનારસ અયોધ્યા 6) સાળંગપુર કારવન કારજણીયા 7) ગોવા મહાબળેશ્વર લોનાવલા 8) ખાટુશ્યામ સાલાસર 9) 12 જ્યોતિર્લિંગ સાથે રહેવા જમવા સાથે 8866233323 9316080880
જૂનીઓ- અંબાજી- કામખ્યા- ગંગાસાગર કામખ્યાદેવી નેપાળ 11) કાશ્મીર વૈષ્ણોદેવી અમૃતસર 9924217903, 9328082175
નવકાર ટ્રુરિઝમ અધિક માસમાં હરિદ્વાર ગંગા સ્નાન- ખાટુશ્યામ દર્શન- 6499/-: 8866746906, 9898801159
હરિકૃષ્ણ ટ્રાવેલ્સ 2x 2 સ્લીપર કોચ AC બસ, AC હોટલ (1) હરિદ્વાર, મથુરા, ગોકુળ, વૃંદાવન, ખાટુશ્યામ- 7 (2) જૈન, હરિદ્વાર- 8 (3) દ્વારકા, બેટદ્વારકા, શિવરાજપુર બીચ, સોમનાથ- 2 (4) અમરનાથ, કાશ્મીર, વૈષ્ણોદેવી- 15 તાડકીશ્વર, વિલાયબેશ્વર લાલકોટ સાથે, રાજસ્થાન, 9712957009, 9426500780
લક્ષ્મી ટ્રાવેલ્સ. (તિરૂપતિ બાલાજી 2, 18 દિવસ- 15 રાત્રે, 10- 08) (ગોકુળ, મથુરા 02- 06) (હરિદ્વાર 09- 06) (ગંગાસાગર, બાબા બૈજનાથ 10- 07) (કેદારનાથ, બદ્રીનાથ 10- 07) 9274767616
શિવધારા ટ્રાવેલ્સ: રેલ્વે પ્રવાસ- જગન્નાથપુરી, ગંગાસાગર, જૈનાથ જ્યોતિર્લિંગ ગયા, અયોધ્યા, બનારસ, પ્રયાગરાજ (દિવસ- 14, જૂન- 25) 9427603954/ 7990561032
જ્યોતિષ
મહાકાળી જ્યોતિષ: 500 રૂપિયામાં Love- લગ્ન- છૂટાછેડા- અણબનાવ- પતિવશ. 9624852575.
ફર્નિચર
બાલાજી સ્ટીલ ફર્નિચર કબાટ, માળિયા સ્પેશ્યાલિસ્ટ જુના લેવામાં આવશે રામભાઈ- 9879537687
